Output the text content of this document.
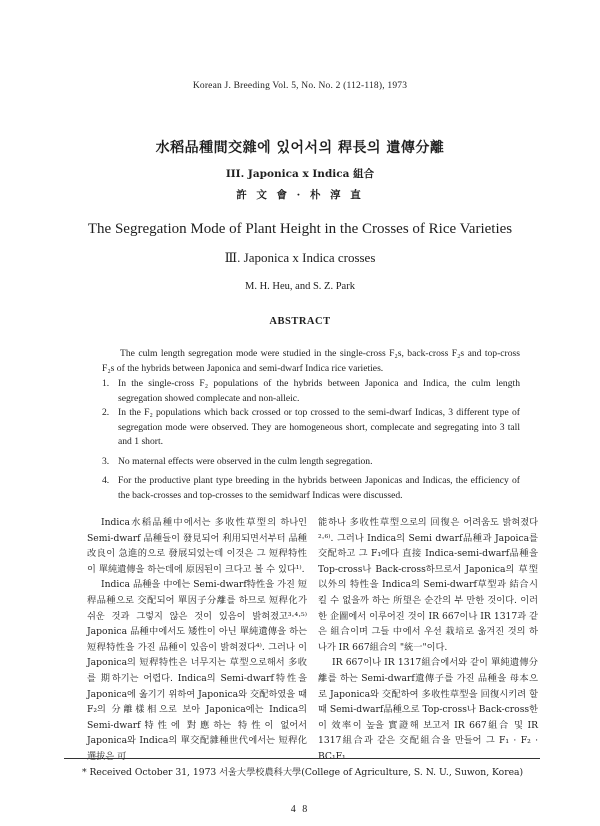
Korean J. Breeding Vol. 5, No. No. 2 (112-118), 1973
水稻品種間交雜에 있어서의 稈長의 遺傳分離
III. Japonica x Indica 組合
許 文 會 · 朴 淳 直
The Segregation Mode of Plant Height in the Crosses of Rice Varieties
Ⅲ. Japonica x Indica crosses
M. H. Heu, and S. Z. Park
ABSTRACT

The culm length segregation mode were studied in the single-cross F₂s, back-cross F₂s and top-cross F₂s of the hybrids between Japonica and semi-dwarf Indica rice varieties.

1. In the single-cross F₂ populations of the hybrids between Japonica and Indica, the culm length segregation showed complecate and non-alleic.
2. In the F₂ populations which back crossed or top crossed to the semi-dwarf Indicas, 3 different type of segregation mode were observed. They are homogeneous short, complecate and segregating into 3 tall and 1 short.
3. No maternal effects were observed in the culm length segregation.
4. For the productive plant type breeding in the hybrids between Japonicas and Indicas, the efficiency of the back-crosses and top-crosses to the semidwarf Indicas were discussed.

Indica水稻品種中에서는 多收性草型의 하나인 Semi-dwarf 品種들이 發見되어 利用되면서부터 品種改良이 急進的으로 發展되었는데 이것은 그 短稈特性이 單純遺傳을 하는데에 原因된이 크다고 볼 수 있다¹⁾.

Indica 品種을 中에는 Semi-dwarf特性을 가진 短稈品種으로 交配되어 單因子分離를 하므로 短稈化가 쉬운 것과 그렇지 않은 것이 있음이 밝혀졌고³·⁴·⁵⁾ Japonica 品種中에서도 矮性이 아닌 單純遺傳을 하는 短稈特性을 가진 品種이 있음이 밝혀졌다⁴⁾. 그러나 이 Japonica의 短稈特性은 너무지는 草型으로해서 多收를 期하기는 어렵다. Indica의 Semi-dwarf特性을 Japonica에 옮기기 위하여 Japonica와 交配하였을 때 F₂의 分離樣相으로 보아 Japonica에는 Indica의 Semi-dwarf特性에 對應하는 特性이 없어서 Japonica와 Indica의 單交配雜種世代에서는 短稈化選拔은 可

能하나 多收性草型으로의 回復은 어려움도 밝혀졌다²·⁶⁾. 그러나 Indica의 Semi dwarf品種과 Japoica를 交配하고 그 F₁에다 直接 Indica-semi-dwarf品種을 Top-cross나 Back-cross하므로서 Japonica의 草型以外의 特性을 Indica의 Semi-dwarf草型과 結合시킬 수 없을까 하는 所望은 순간의 부 만한 것이다. 이러한 企圖에서 이루어진 것이 IR 667이나 IR 1317과 같은 組合이며 그들 中에서 우선 栽培로 옮겨진 것의 하나가 IR 667組合의 "統一"이다.

IR 667이나 IR 1317組合에서와 같이 單純遺傳分離를 하는 Semi-dwarf遺傳子를 가진 品種을 母本으로 Japonica와 交配하여 多收性草型을 回復시키려 할때 Semi-dwarf品種으로 Top-cross나 Back-cross한이 效率이 높을 實證해 보고저 IR 667組合 및 IR 1317組合과 같은 交配組合을 만들어 그 F₁ · F₂ · BC₁F₁

* Received October 31, 1973 서울大學校農科大學(College of Agriculture, S. N. U., Suwon, Korea)
4 8
